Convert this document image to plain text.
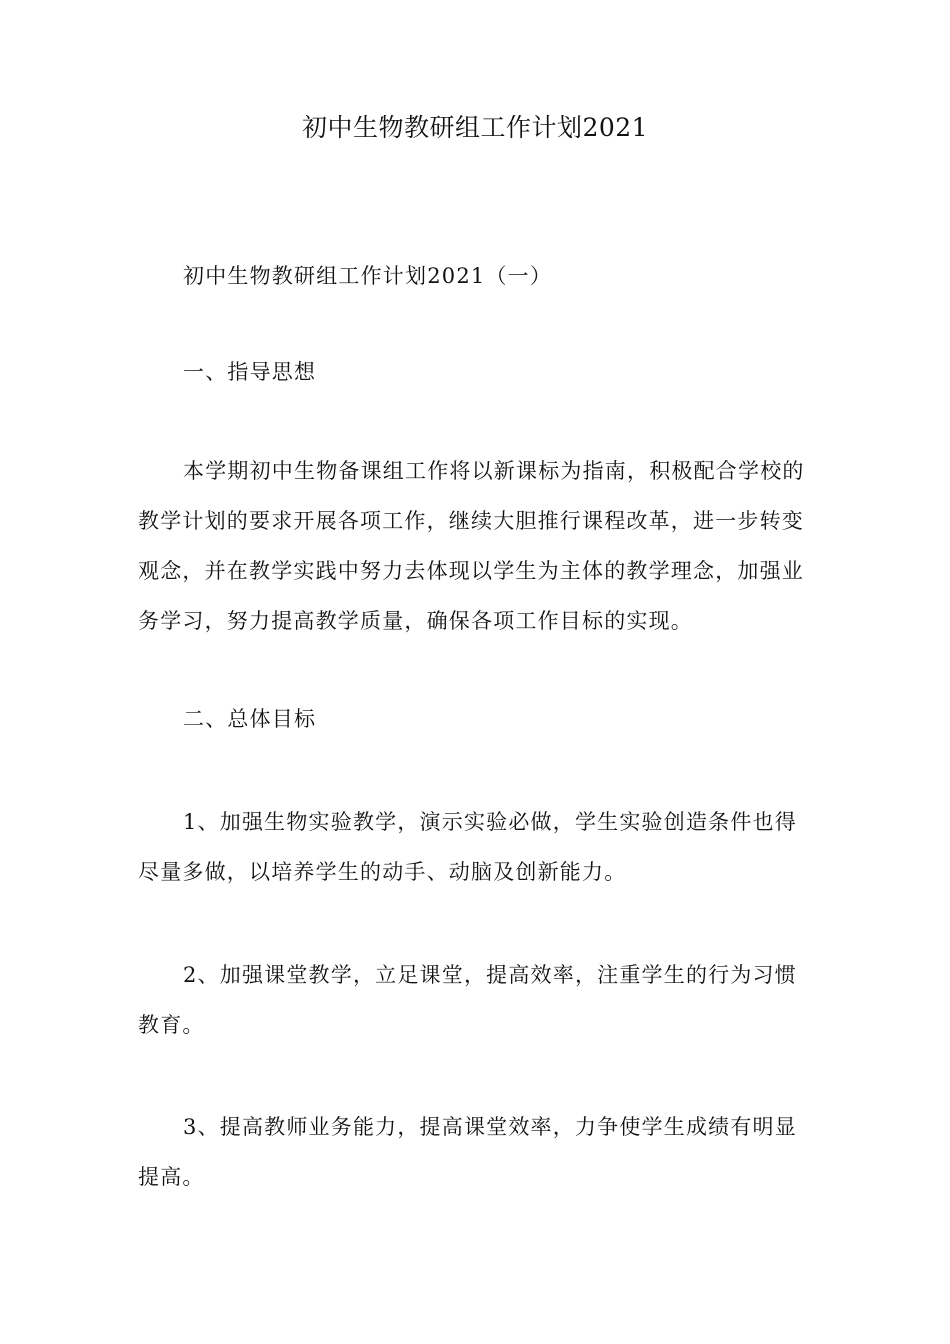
初中生物教研组工作计划2021

初中生物教研组工作计划2021（一）

一、指导思想

本学期初中生物备课组工作将以新课标为指南，积极配合学校的
教学计划的要求开展各项工作，继续大胆推行课程改革，进一步转变
观念，并在教学实践中努力去体现以学生为主体的教学理念，加强业
务学习，努力提高教学质量，确保各项工作目标的实现。

二、总体目标

1、加强生物实验教学，演示实验必做，学生实验创造条件也得
尽量多做，以培养学生的动手、动脑及创新能力。
2、加强课堂教学，立足课堂，提高效率，注重学生的行为习惯
教育。
3、提高教师业务能力，提高课堂效率，力争使学生成绩有明显
提高。
